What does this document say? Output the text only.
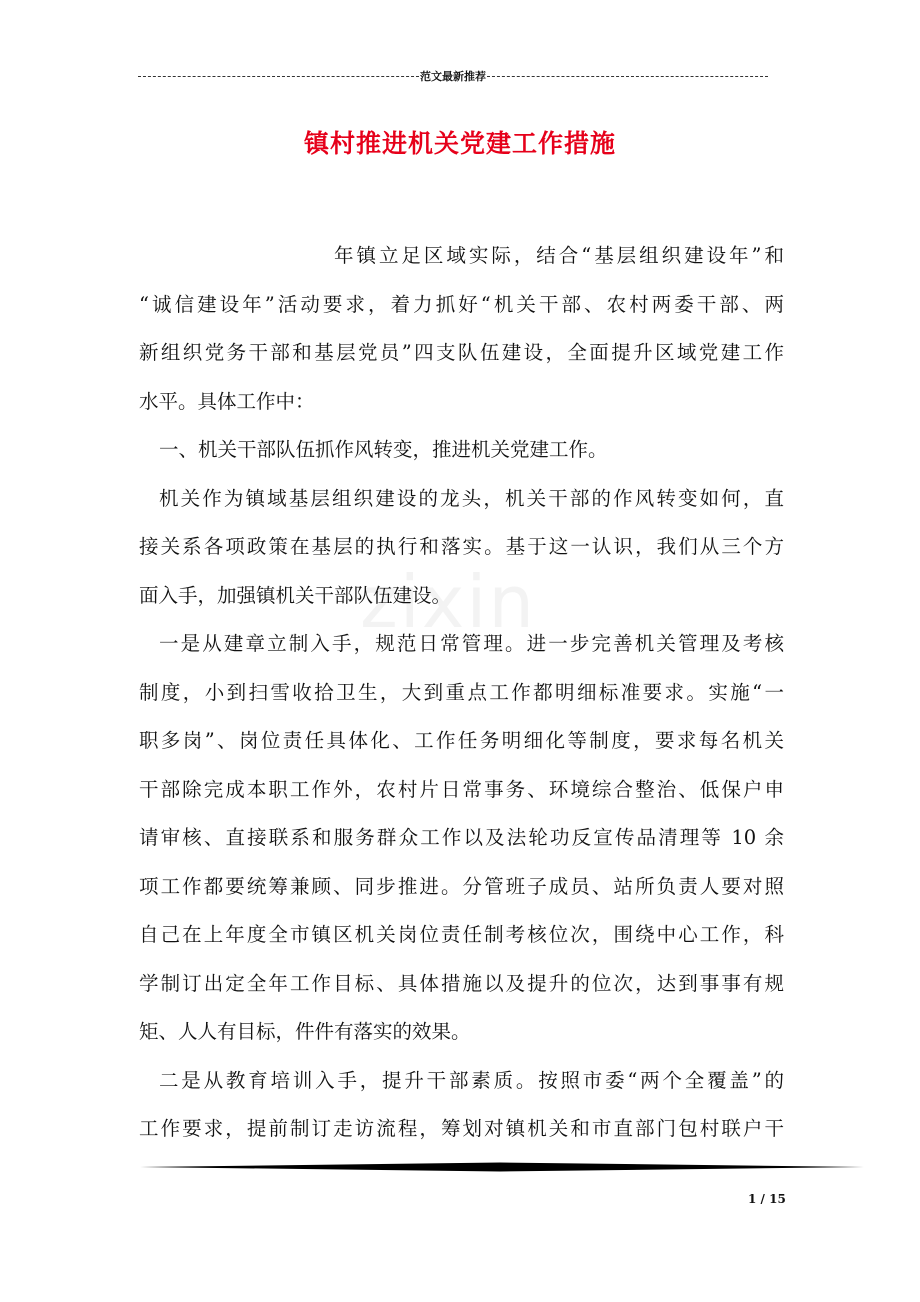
范文最新推荐
镇村推进机关党建工作措施
zixin
年镇立足区域实际，结合“基层组织建设年”和
“诚信建设年”活动要求，着力抓好“机关干部、农村两委干部、两
新组织党务干部和基层党员”四支队伍建设，全面提升区域党建工作
水平。具体工作中：
一、机关干部队伍抓作风转变，推进机关党建工作。
机关作为镇域基层组织建设的龙头，机关干部的作风转变如何，直
接关系各项政策在基层的执行和落实。基于这一认识，我们从三个方
面入手，加强镇机关干部队伍建设。
一是从建章立制入手，规范日常管理。进一步完善机关管理及考核
制度，小到扫雪收拾卫生，大到重点工作都明细标准要求。实施“一
职多岗”、岗位责任具体化、工作任务明细化等制度，要求每名机关
干部除完成本职工作外，农村片日常事务、环境综合整治、低保户申
请审核、直接联系和服务群众工作以及法轮功反宣传品清理等 10 余
项工作都要统筹兼顾、同步推进。分管班子成员、站所负责人要对照
自己在上年度全市镇区机关岗位责任制考核位次，围绕中心工作，科
学制订出定全年工作目标、具体措施以及提升的位次，达到事事有规
矩、人人有目标，件件有落实的效果。
二是从教育培训入手，提升干部素质。按照市委“两个全覆盖”的
工作要求，提前制订走访流程，筹划对镇机关和市直部门包村联户干
1 / 15
